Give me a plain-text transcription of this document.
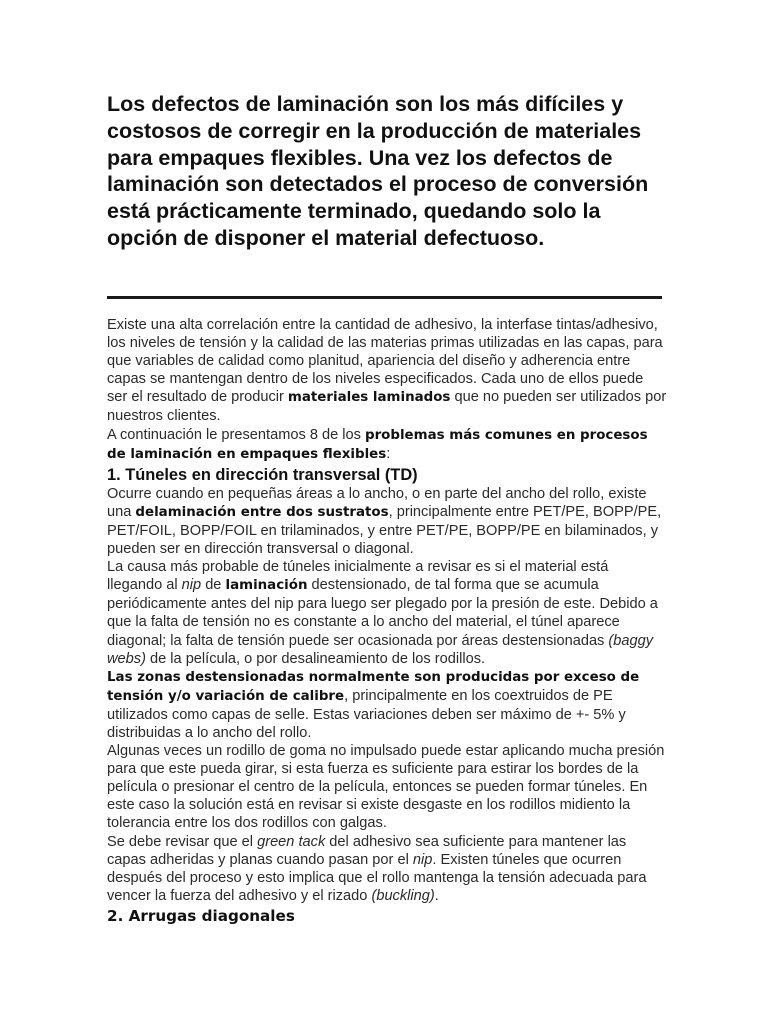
Los defectos de laminación son los más difíciles y costosos de corregir en la producción de materiales para empaques flexibles. Una vez los defectos de laminación son detectados el proceso de conversión está prácticamente terminado, quedando solo la opción de disponer el material defectuoso.

Existe una alta correlación entre la cantidad de adhesivo, la interfase tintas/adhesivo, los niveles de tensión y la calidad de las materias primas utilizadas en las capas, para que variables de calidad como planitud, apariencia del diseño y adherencia entre capas se mantengan dentro de los niveles especificados. Cada uno de ellos puede ser el resultado de producir materiales laminados que no pueden ser utilizados por nuestros clientes.

A continuación le presentamos 8 de los problemas más comunes en procesos de laminación en empaques flexibles:

1. Túneles en dirección transversal (TD)

Ocurre cuando en pequeñas áreas a lo ancho, o en parte del ancho del rollo, existe una delaminación entre dos sustratos, principalmente entre PET/PE, BOPP/PE, PET/FOIL, BOPP/FOIL en trilaminados, y entre PET/PE, BOPP/PE en bilaminados, y pueden ser en dirección transversal o diagonal.

La causa más probable de túneles inicialmente a revisar es si el material está llegando al nip de laminación destensionado, de tal forma que se acumula periódicamente antes del nip para luego ser plegado por la presión de este. Debido a que la falta de tensión no es constante a lo ancho del material, el túnel aparece diagonal; la falta de tensión puede ser ocasionada por áreas destensionadas (baggy webs) de la película, o por desalineamiento de los rodillos.

Las zonas destensionadas normalmente son producidas por exceso de tensión y/o variación de calibre, principalmente en los coextruidos de PE utilizados como capas de selle. Estas variaciones deben ser máximo de +- 5% y distribuidas a lo ancho del rollo.

Algunas veces un rodillo de goma no impulsado puede estar aplicando mucha presión para que este pueda girar, si esta fuerza es suficiente para estirar los bordes de la película o presionar el centro de la película, entonces se pueden formar túneles. En este caso la solución está en revisar si existe desgaste en los rodillos midiento la tolerancia entre los dos rodillos con galgas.

Se debe revisar que el green tack del adhesivo sea suficiente para mantener las capas adheridas y planas cuando pasan por el nip. Existen túneles que ocurren después del proceso y esto implica que el rollo mantenga la tensión adecuada para vencer la fuerza del adhesivo y el rizado (buckling).

2. Arrugas diagonales
